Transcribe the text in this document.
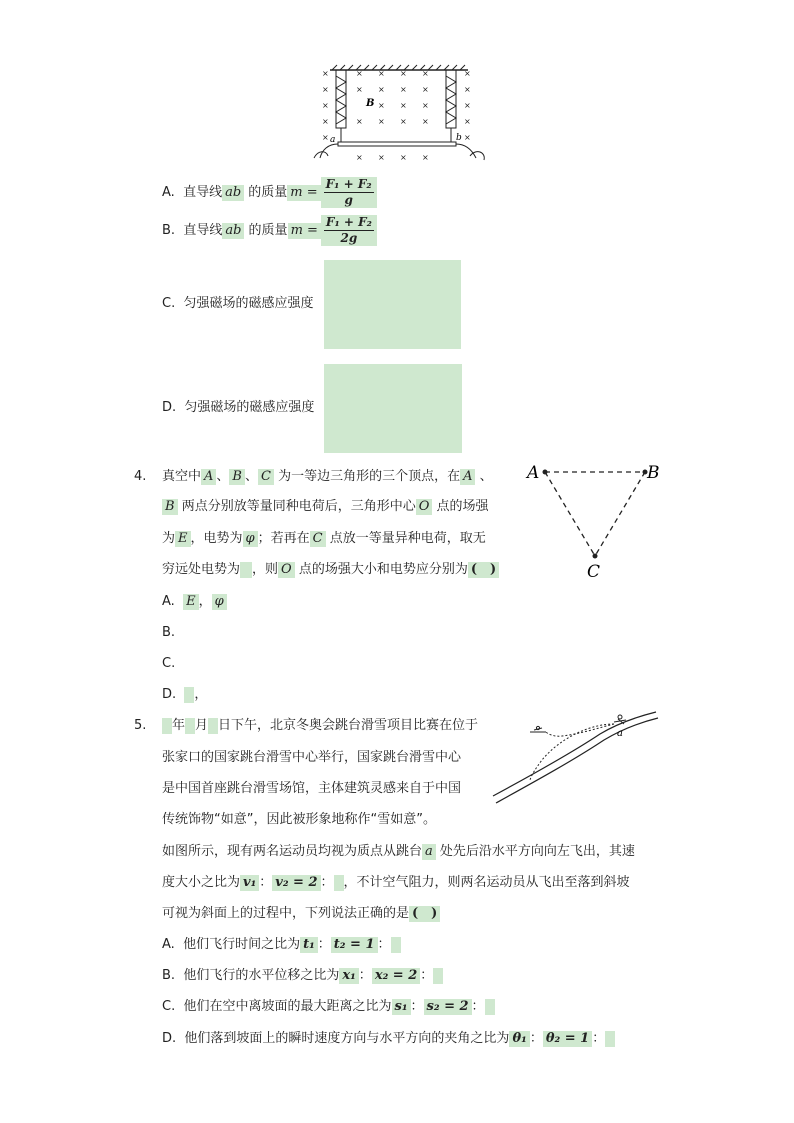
×
×
×
×
×
×
×
×
×
×
×
×
×
×
×
×
×
×
×
×
×
×
×
×
×
×
×
×
×
B
a	b
A. 直导线 ab 的质量 $m = \frac{\text{F₁ + F₂}}{g}$
B. 直导线 ab 的质量 $m = \frac{\text{F₁ + F₂}}{2g}$
C. 匀强磁场的磁感应强度
D. 匀强磁场的磁感应强度
4. 真空中 A 、 B 、 C 为一等边三角形的三个顶点，在 A 、
B 两点分别放等量同种电荷后，三角形中心 O 点的场强
为 E ，电势为 φ ；若再在 C 点放一等量异种电荷，取无
穷远处电势为 ，则 O 点的场强大小和电势应分别为 (　)
A. E ， φ
B.
C.
D. ，
A	B
C
5.	年 月 日下午，北京冬奥会跳台滑雪项目比赛在位于
张家口的国家跳台滑雪中心举行，国家跳台滑雪中心
是中国首座跳台滑雪场馆，主体建筑灵感来自于中国
传统饰物“如意”，因此被形象地称作“雪如意”。
如图所示，现有两名运动员均视为质点从跳台 a 处先后沿水平方向向左飞出，其速
度大小之比为 v₁ ： v₂ = 2 ： ，不计空气阻力，则两名运动员从飞出至落到斜坡
可视为斜面上的过程中，下列说法正确的是 (　)
A. 他们飞行时间之比为 t₁ ： t₂ = 1 ：
B. 他们飞行的水平位移之比为 x₁ ： x₂ = 2 ：
C. 他们在空中离坡面的最大距离之比为 s₁ ： s₂ = 2 ：
D. 他们落到坡面上的瞬时速度方向与水平方向的夹角之比为 θ₁ ： θ₂ = 1 ：
a
